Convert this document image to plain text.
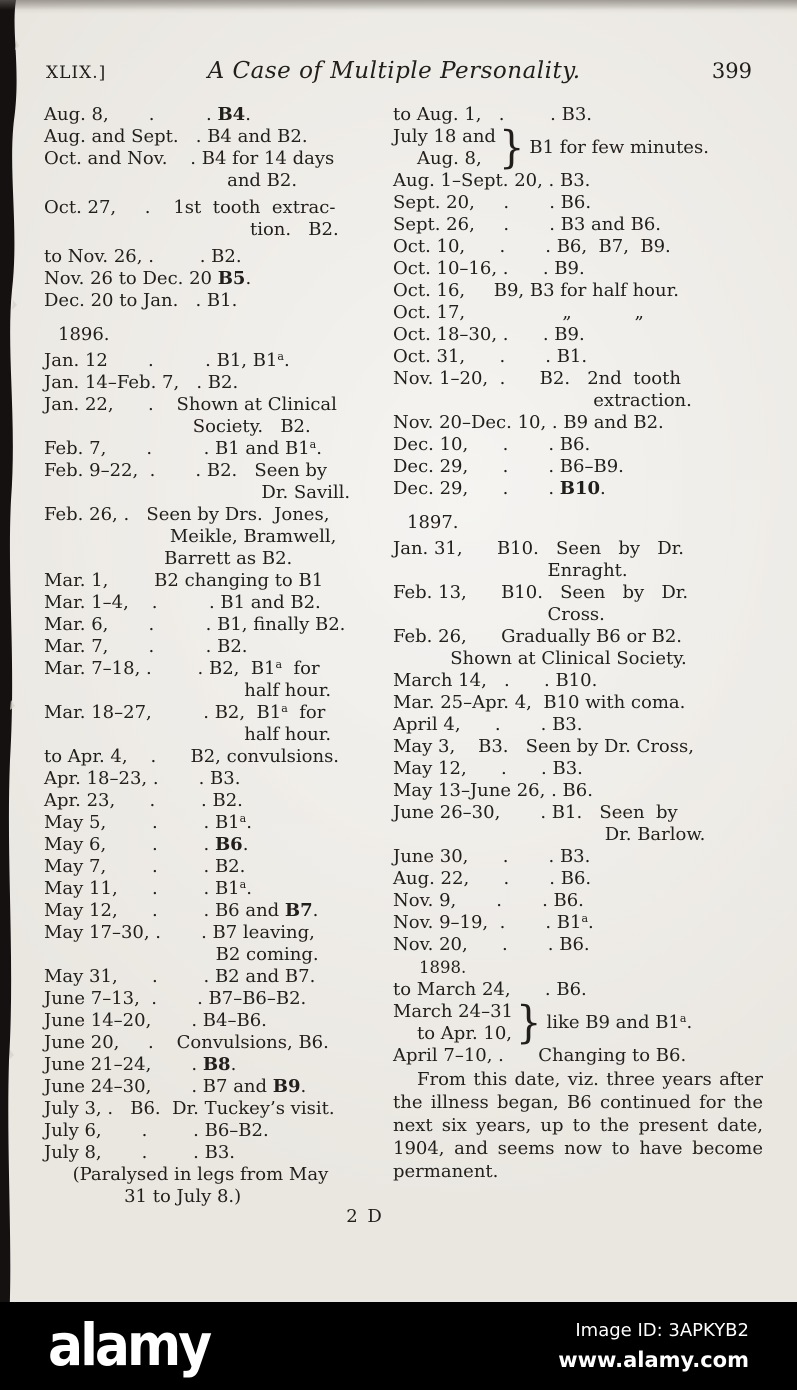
XLIX.]	A Case of Multiple Personality.	399
Aug. 8,       .         . B4.
Aug. and Sept.   . B4 and B2.
Oct. and Nov.    . B4 for 14 days
and B2.
Oct. 27,     .    1st  tooth  extrac-
tion.   B2.
to Nov. 26, .        . B2.
Nov. 26 to Dec. 20 B5.
Dec. 20 to Jan.   . B1.
1896.
Jan. 12       .         . B1, B1$^a$.
Jan. 14–Feb. 7,   . B2.
Jan. 22,      .    Shown at Clinical
Society.   B2.
Feb. 7,       .         . B1 and B1$^a$.
Feb. 9–22,  .       . B2.   Seen by
Dr. Savill.
Feb. 26, .   Seen by Drs.  Jones,
Meikle, Bramwell,
Barrett as B2.
Mar. 1,        B2 changing to B1
Mar. 1–4,    .         . B1 and B2.
Mar. 6,       .         . B1, finally B2.
Mar. 7,       .         . B2.
Mar. 7–18, .        . B2,  B1$^a$  for
half hour.
Mar. 18–27,         . B2,  B1$^a$  for
half hour.
to Apr. 4,    .      B2, convulsions.
Apr. 18–23, .       . B3.
Apr. 23,      .        . B2.
May 5,        .        . B1$^a$.
May 6,        .        . B6.
May 7,        .        . B2.
May 11,      .        . B1$^a$.
May 12,      .        . B6 and B7.
May 17–30, .       . B7 leaving,
B2 coming.
May 31,      .        . B2 and B7.
June 7–13,  .       . B7–B6–B2.
June 14–20,       . B4–B6.
June 20,     .    Convulsions, B6.
June 21–24,       . B8.
June 24–30,       . B7 and B9.
July 3, .   B6.  Dr. Tuckey’s visit.
July 6,       .        . B6–B2.
July 8,       .        . B3.
(Paralysed in legs from May
31 to July 8.)
to Aug. 1,   .        . B3.
July 18 and
Aug. 8, } B1 for few minutes.
Aug. 1–Sept. 20, . B3.
Sept. 20,     .       . B6.
Sept. 26,     .       . B3 and B6.
Oct. 10,      .       . B6,  B7,  B9.
Oct. 10–16, .      . B9.
Oct. 16,     B9, B3 for half hour.
Oct. 17,                 „           „
Oct. 18–30, .      . B9.
Oct. 31,      .       . B1.
Nov. 1–20,  .      B2.   2nd  tooth
extraction.
Nov. 20–Dec. 10, . B9 and B2.
Dec. 10,      .       . B6.
Dec. 29,      .       . B6–B9.
Dec. 29,      .       . B10.
1897.
Jan. 31,      B10.   Seen   by   Dr.
Enraght.
Feb. 13,      B10.   Seen   by   Dr.
Cross.
Feb. 26,      Gradually B6 or B2.
Shown at Clinical Society.
March 14,   .      . B10.
Mar. 25–Apr. 4,  B10 with coma.
April 4,      .       . B3.
May 3,    B3.   Seen by Dr. Cross,
May 12,      .      . B3.
May 13–June 26, . B6.
June 26–30,       . B1.   Seen  by
Dr. Barlow.
June 30,      .       . B3.
Aug. 22,      .       . B6.
Nov. 9,       .       . B6.
Nov. 9–19,  .       . B1$^a$.
Nov. 20,      .       . B6.
1898.
to March 24,      . B6.
March 24–31
to Apr. 10, } like B9 and B1$^a$.
April 7–10, .      Changing to B6.
From this date, viz. three years after the illness began, B6 continued for the next six years, up to the present date, 1904, and seems now to have become permanent.
2 D
alamy	Image ID: 3APKYB2
www.alamy.com
